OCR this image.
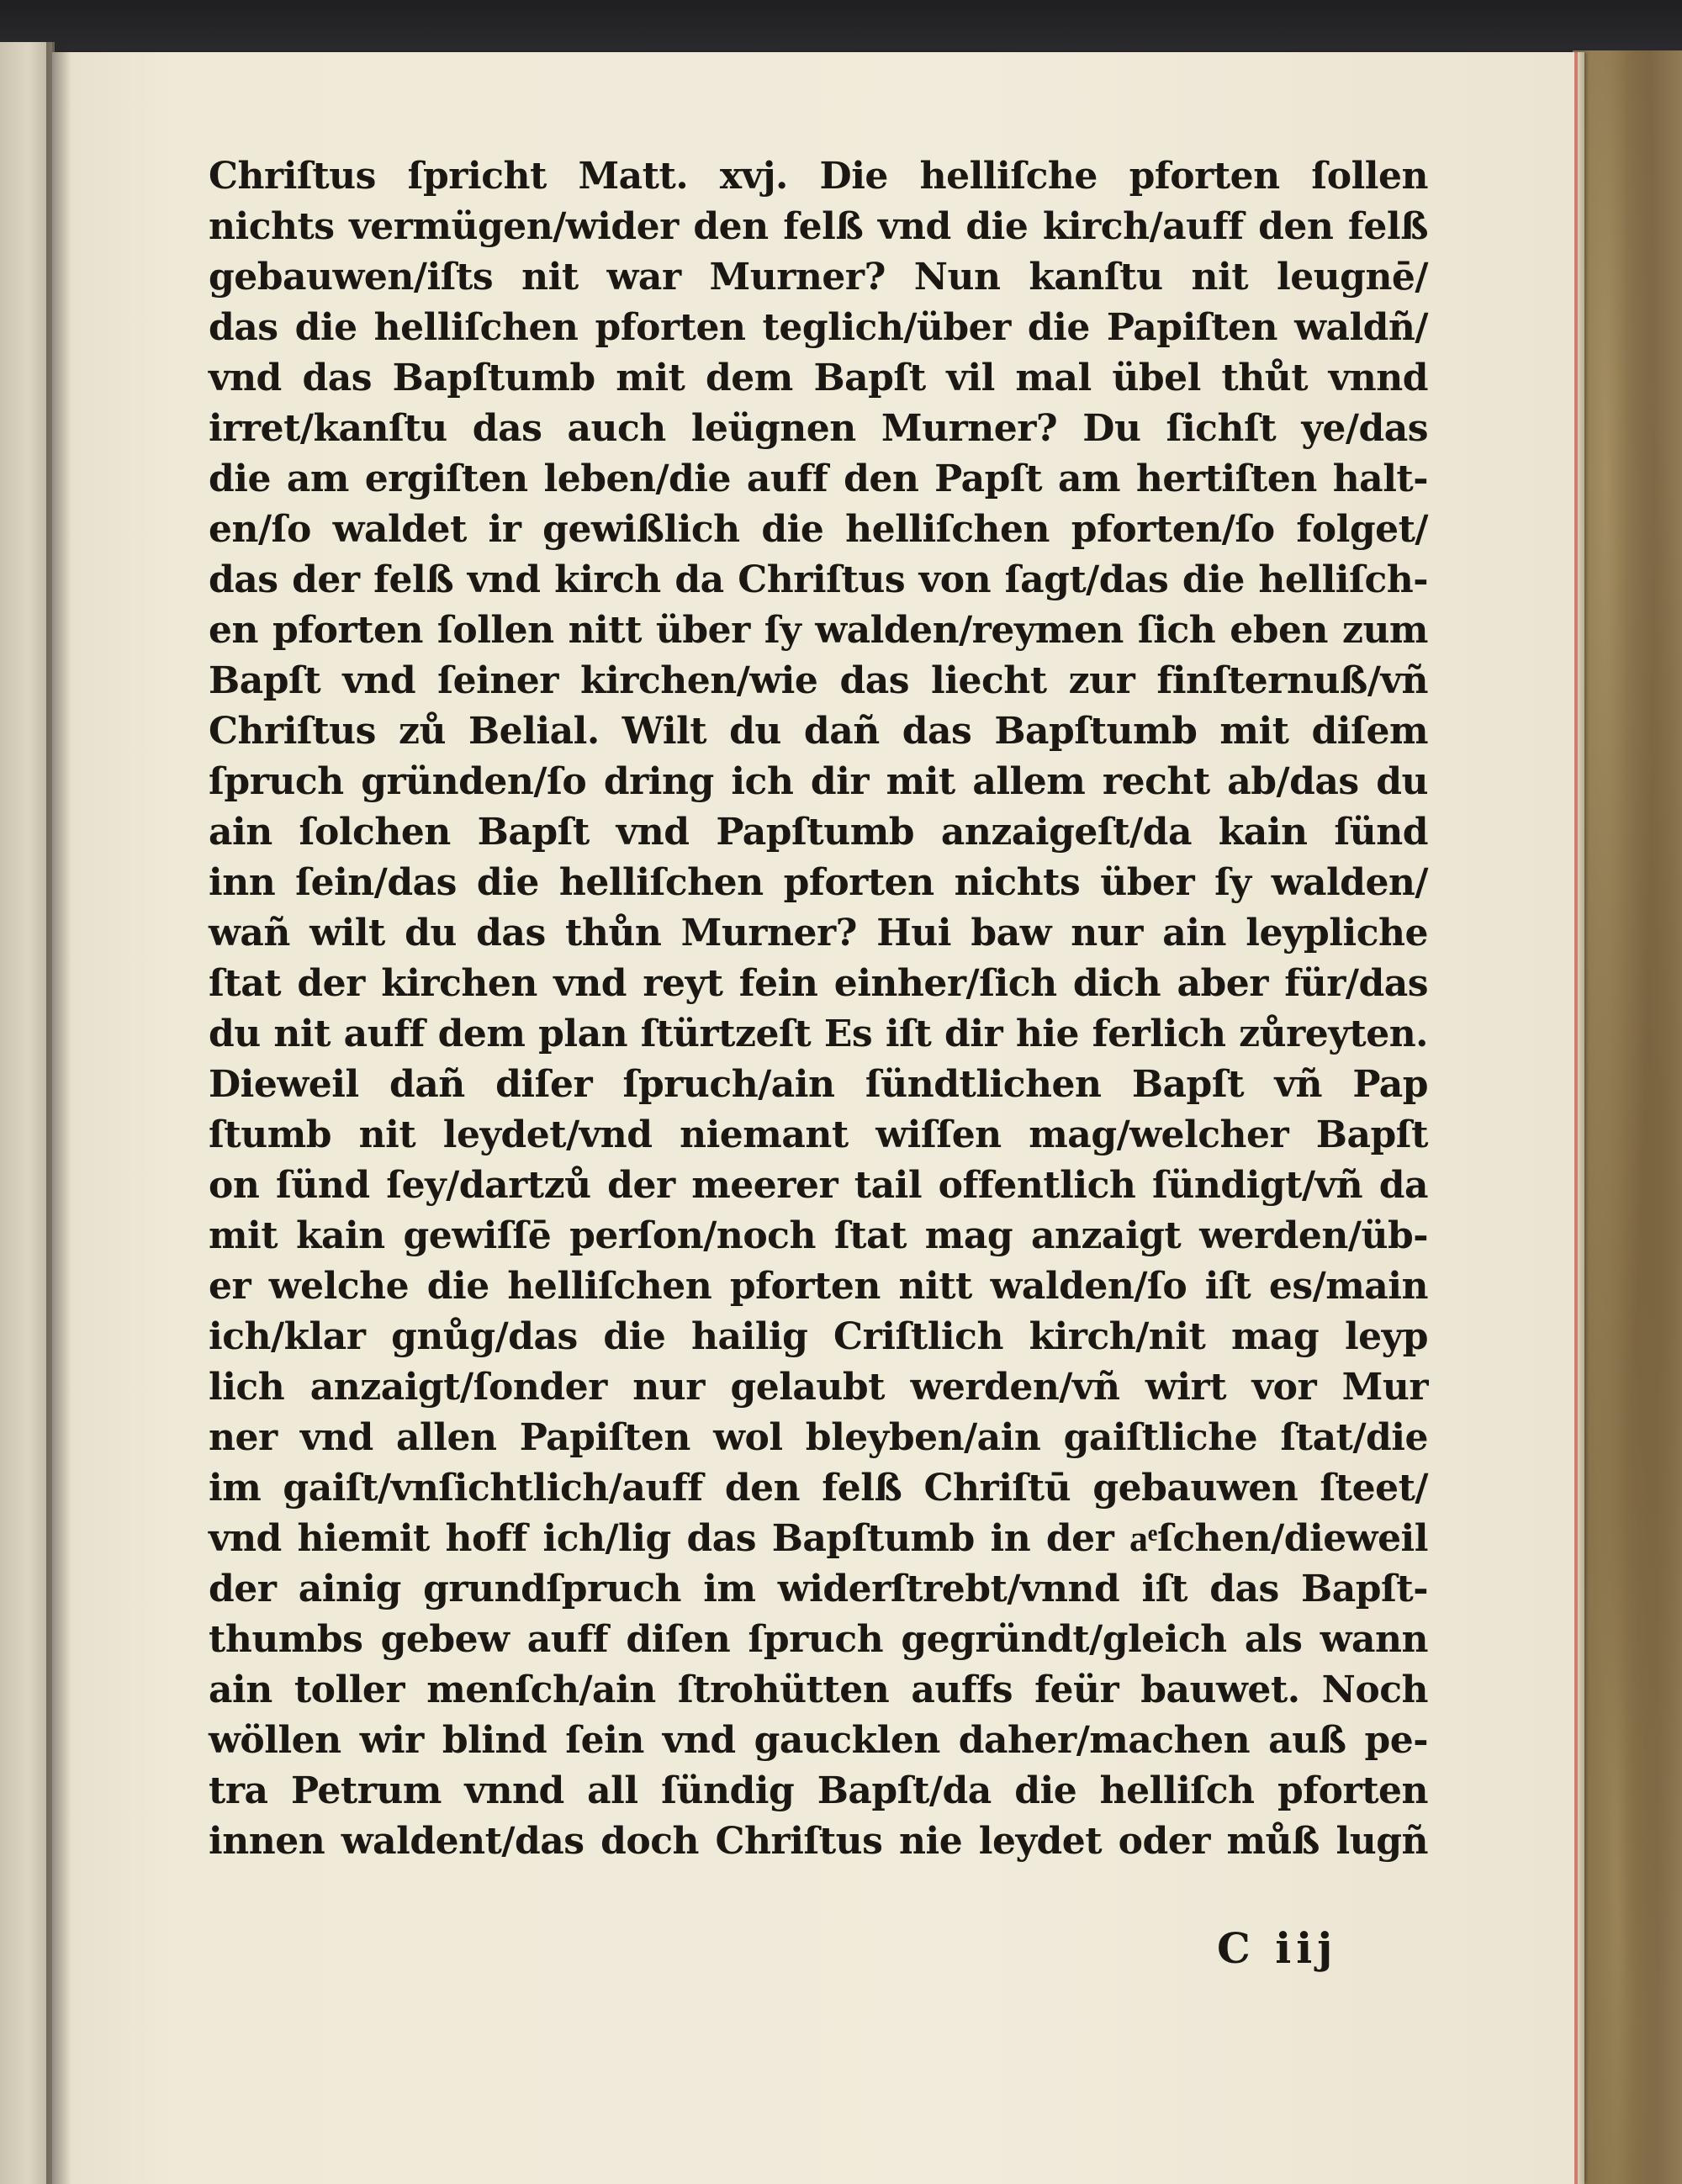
Chriſtus ſpricht Matt. xvj. Die helliſche pforten ſollen
nichts vermügen/wider den felß vnd die kirch/auff den felß
gebauwen/iſts nit war Murner? Nun kanſtu nit leugnē/
das die helliſchen pforten teglich/über die Papiſten waldñ/
vnd das Bapſtumb mit dem Bapſt vil mal übel thůt vnnd
irret/kanſtu das auch leügnen Murner? Du ſichſt ye/das
die am ergiſten leben/die auff den Papſt am hertiſten halt-
en/ſo waldet ir gewißlich die helliſchen pforten/ſo folget/
das der felß vnd kirch da Chriſtus von ſagt/das die helliſch-
en pforten ſollen nitt über ſy walden/reymen ſich eben zum
Bapſt vnd ſeiner kirchen/wie das liecht zur finſternuß/vñ
Chriſtus zů Belial. Wilt du dañ das Bapſtumb mit diſem
ſpruch gründen/ſo dring ich dir mit allem recht ab/das du
ain ſolchen Bapſt vnd Papſtumb anzaigeſt/da kain ſünd
inn ſein/das die helliſchen pforten nichts über ſy walden/
wañ wilt du das thůn Murner? Hui baw nur ain leypliche
ſtat der kirchen vnd reyt fein einher/ſich dich aber für/das
du nit auff dem plan ſtürtzeſt Es iſt dir hie ferlich zůreyten.
Dieweil dañ diſer ſpruch/ain ſündtlichen Bapſt vñ Pap
ſtumb nit leydet/vnd niemant wiſſen mag/welcher Bapſt
on ſünd ſey/dartzů der meerer tail offentlich ſündigt/vñ da
mit kain gewiſſē perſon/noch ſtat mag anzaigt werden/üb-
er welche die helliſchen pforten nitt walden/ſo iſt es/main
ich/klar gnůg/das die hailig Criſtlich kirch/nit mag leyp
lich anzaigt/ſonder nur gelaubt werden/vñ wirt vor Mur
ner vnd allen Papiſten wol bleyben/ain gaiſtliche ſtat/die
im gaiſt/vnſichtlich/auff den felß Chriſtū gebauwen ſteet/
vnd hiemit hoff ich/lig das Bapſtumb in der aͤſchen/dieweil
der ainig grundſpruch im widerſtrebt/vnnd iſt das Bapſt-
thumbs gebew auff diſen ſpruch gegründt/gleich als wann
ain toller menſch/ain ſtrohütten auffs feür bauwet. Noch
wöllen wir blind ſein vnd gaucklen daher/machen auß pe-
tra Petrum vnnd all ſündig Bapſt/da die helliſch pforten
innen waldent/das doch Chriſtus nie leydet oder můß lugñ
C iij
